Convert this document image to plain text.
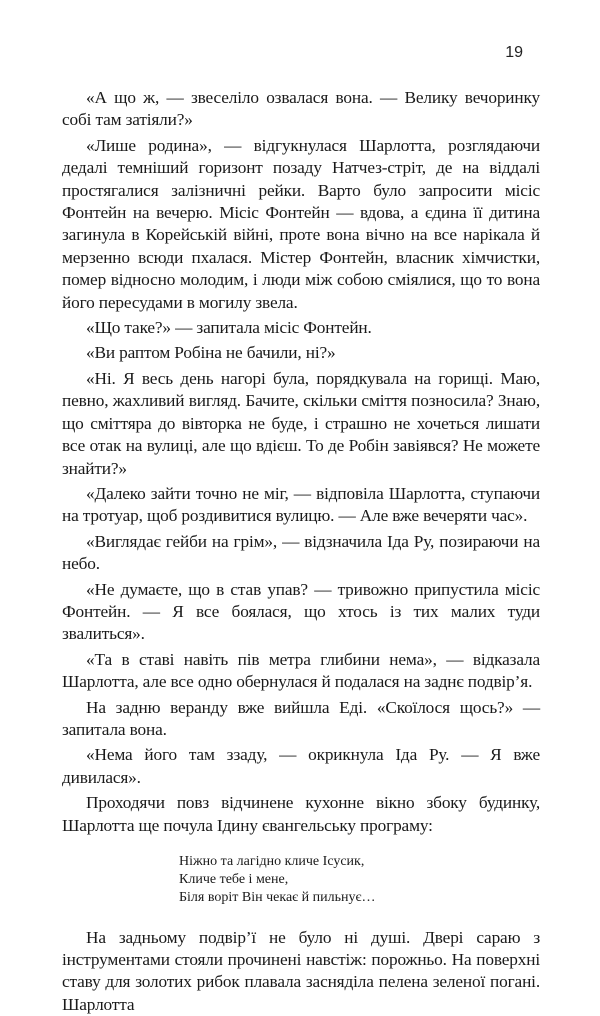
19

«А що ж, — звеселіло озвалася вона. — Велику вечоринку собі там затіяли?»

«Лише родина», — відгукнулася Шарлотта, розглядаючи дедалі темніший горизонт позаду Натчез-стріт, де на віддалі простягалися залізничні рейки. Варто було запросити місіс Фонтейн на вечерю. Місіс Фонтейн — вдова, а єдина її дитина загинула в Корейській війні, проте вона вічно на все нарікала й мерзенно всюди пхалася. Містер Фонтейн, власник хімчистки, помер відносно молодим, і люди між собою сміялися, що то вона його пересудами в могилу звела.

«Що таке?» — запитала місіс Фонтейн.

«Ви раптом Робіна не бачили, ні?»

«Ні. Я весь день нагорі була, порядкувала на горищі. Маю, певно, жахливий вигляд. Бачите, скільки сміття позносила? Знаю, що сміттяра до вівторка не буде, і страшно не хочеться лишати все отак на вулиці, але що вдієш. То де Робін завіявся? Не можете знайти?»

«Далеко зайти точно не міг, — відповіла Шарлотта, ступаючи на тротуар, щоб роздивитися вулицю. — Але вже вечеряти час».

«Виглядає гейби на грім», — відзначила Іда Ру, позираючи на небо.

«Не думаєте, що в став упав? — тривожно припустила місіс Фонтейн. — Я все боялася, що хтось із тих малих туди звалиться».

«Та в ставі навіть пів метра глибини нема», — відказала Шарлотта, але все одно обернулася й подалася на заднє подвір’я.

На задню веранду вже вийшла Еді. «Скоїлося щось?» — запитала вона.

«Нема його там ззаду, — окрикнула Іда Ру. — Я вже дивилася».

Проходячи повз відчинене кухонне вікно збоку будинку, Шарлотта ще почула Ідину євангельську програму:

Ніжно та лагідно кличе Ісусик,
Кличе тебе і мене,
Біля воріт Він чекає й пильнує…

На задньому подвір’ї не було ні душі. Двері сараю з інструментами стояли прочинені навстіж: порожньо. На поверхні ставу для золотих рибок плавала засняділа пелена зеленої погані. Шарлотта
